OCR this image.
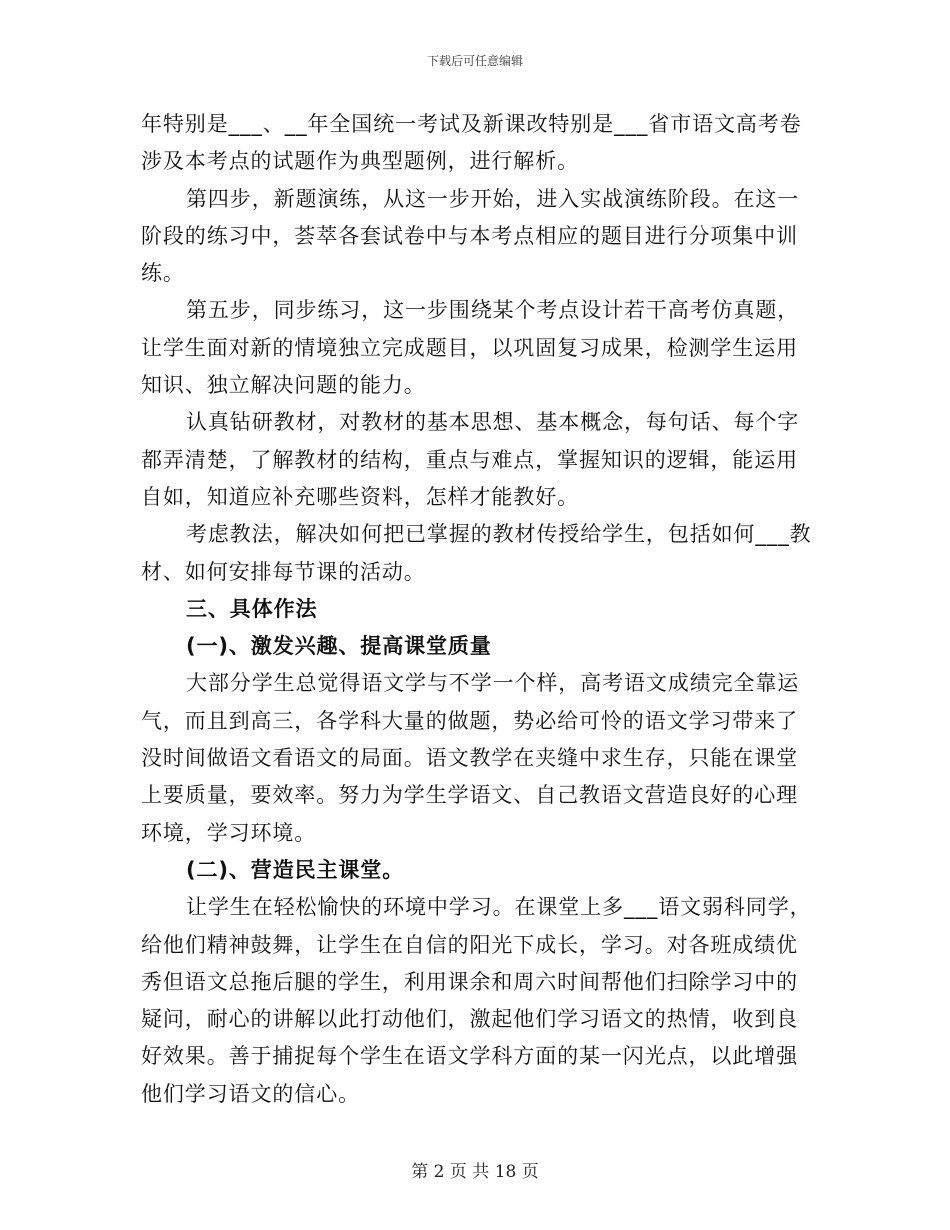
下载后可任意编辑
年特别是___、__年全国统一考试及新课改特别是___省市语文高考卷
涉及本考点的试题作为典型题例，进行解析。
第四步，新题演练，从这一步开始，进入实战演练阶段。在这一
阶段的练习中，荟萃各套试卷中与本考点相应的题目进行分项集中训
练。
第五步，同步练习，这一步围绕某个考点设计若干高考仿真题，
让学生面对新的情境独立完成题目，以巩固复习成果，检测学生运用
知识、独立解决问题的能力。
认真钻研教材，对教材的基本思想、基本概念，每句话、每个字
都弄清楚，了解教材的结构，重点与难点，掌握知识的逻辑，能运用
自如，知道应补充哪些资料，怎样才能教好。
考虑教法，解决如何把已掌握的教材传授给学生，包括如何___教
材、如何安排每节课的活动。
三、具体作法
(一)、激发兴趣、提高课堂质量
大部分学生总觉得语文学与不学一个样，高考语文成绩完全靠运
气，而且到高三，各学科大量的做题，势必给可怜的语文学习带来了
没时间做语文看语文的局面。语文教学在夹缝中求生存，只能在课堂
上要质量，要效率。努力为学生学语文、自己教语文营造良好的心理
环境，学习环境。
(二)、营造民主课堂。
让学生在轻松愉快的环境中学习。在课堂上多___语文弱科同学，
给他们精神鼓舞，让学生在自信的阳光下成长，学习。对各班成绩优
秀但语文总拖后腿的学生，利用课余和周六时间帮他们扫除学习中的
疑问，耐心的讲解以此打动他们，激起他们学习语文的热情，收到良
好效果。善于捕捉每个学生在语文学科方面的某一闪光点，以此增强
他们学习语文的信心。
第 2 页 共 18 页
